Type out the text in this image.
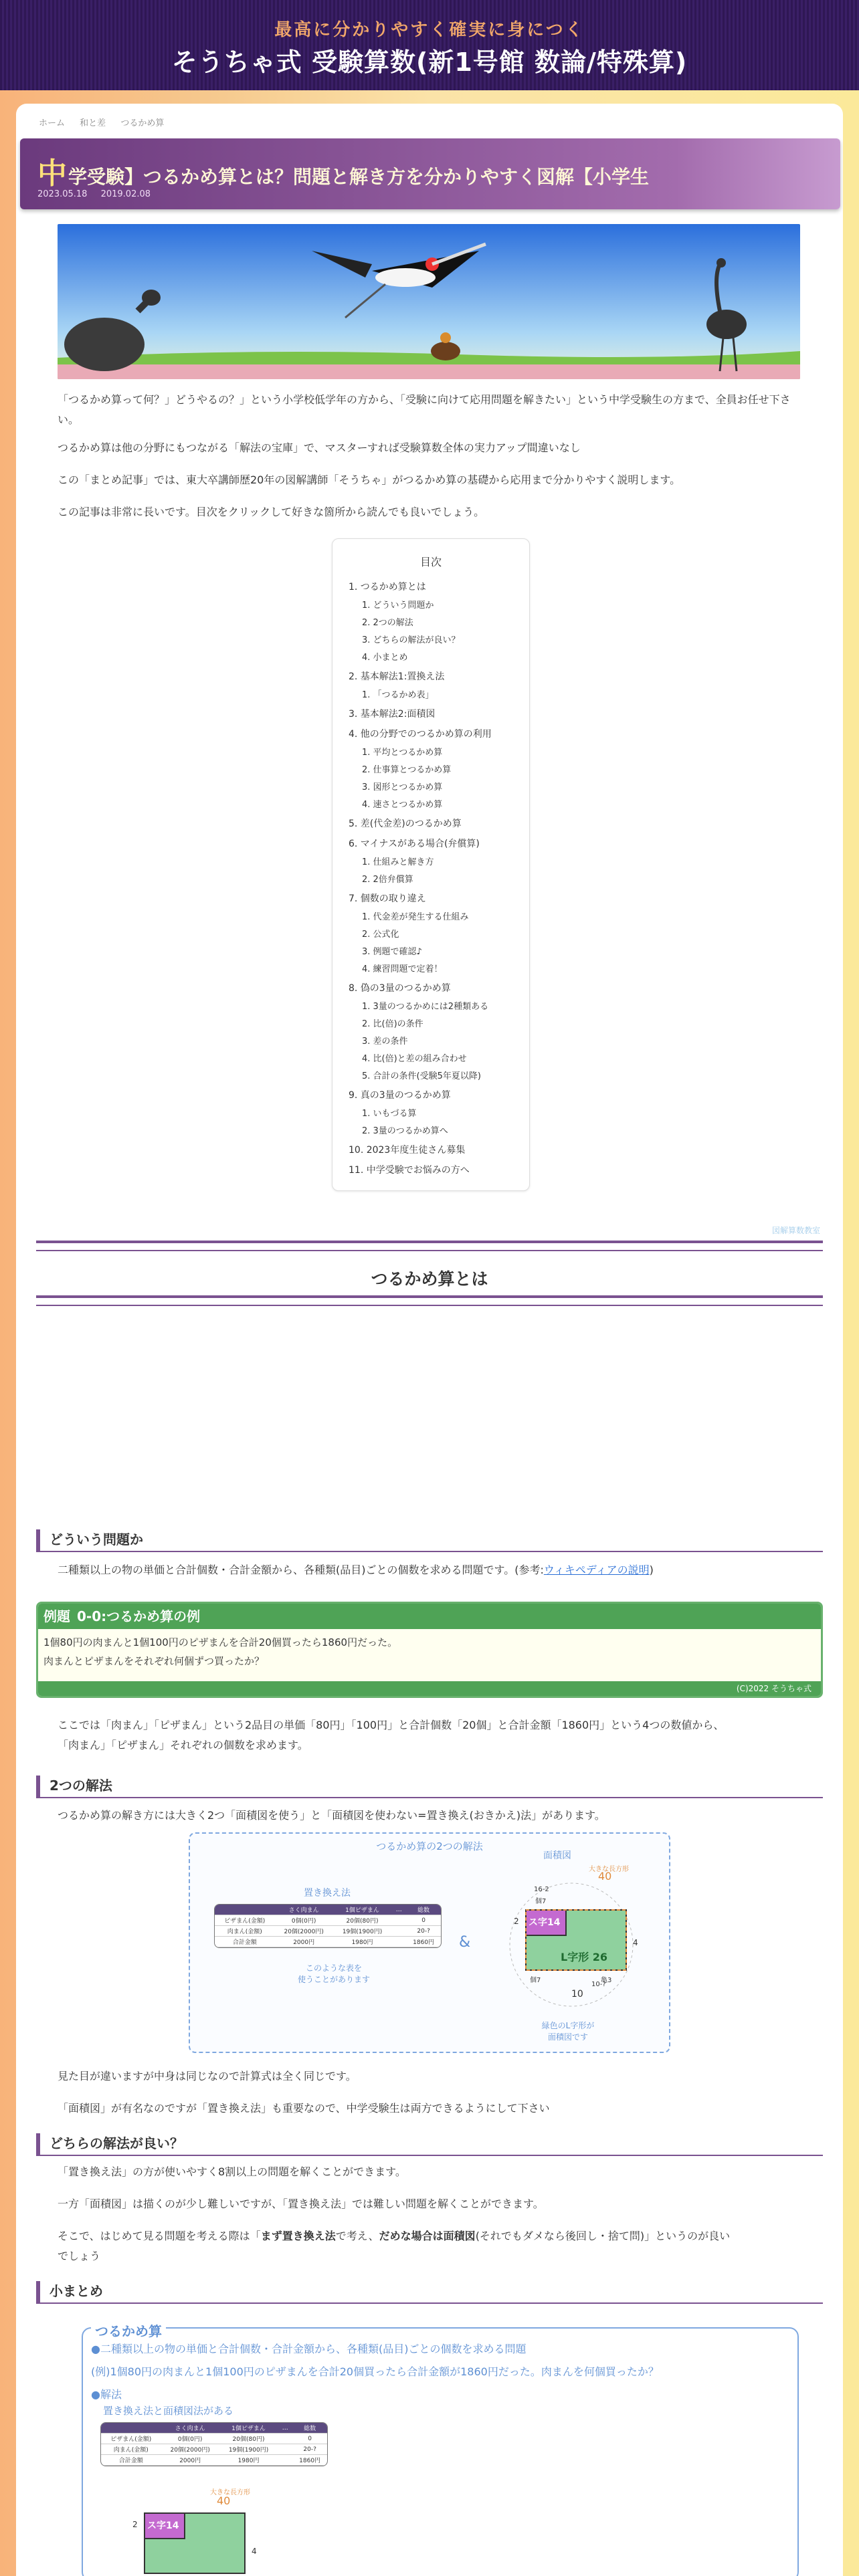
最高に分かりやすく確実に身につく
そうちゃ式 受験算数(新1号館 数論/特殊算)
ホーム 和と差 つるかめ算
中学受験】つるかめ算とは？問題と解き方を分かりやすく図解【小学生
2023.05.18 2019.02.08
「つるかめ算って何？」どうやるの？」という小学校低学年の方から、「受験に向けて応用問題を解きたい」という中学受験生の方まで、全員お任せ下さい。
つるかめ算は他の分野にもつながる「解法の宝庫」で、マスターすれば受験算数全体の実力アップ間違いなし
この「まとめ記事」では、東大卒講師歴20年の図解講師「そうちゃ」がつるかめ算の基礎から応用まで分かりやすく説明します。
この記事は非常に長いです。目次をクリックして好きな箇所から読んでも良いでしょう。
目次
1. つるかめ算とは
1. どういう問題か
2. 2つの解法
3. どちらの解法が良い？
4. 小まとめ
2. 基本解法1:置換え法
1. 「つるかめ表」
3. 基本解法2:面積図
4. 他の分野でのつるかめ算の利用
1. 平均とつるかめ算
2. 仕事算とつるかめ算
3. 図形とつるかめ算
4. 速さとつるかめ算
5. 差(代金差)のつるかめ算
6. マイナスがある場合(弁償算)
1. 仕組みと解き方
2. 2倍弁償算
7. 個数の取り違え
1. 代金差が発生する仕組み
2. 公式化
3. 例題で確認♪
4. 練習問題で定着！
8. 偽の3量のつるかめ算
1. 3量のつるかめには2種類ある
2. 比(倍)の条件
3. 差の条件
4. 比(倍)と差の組み合わせ
5. 合計の条件(受験5年夏以降)
9. 真の3量のつるかめ算
1. いもづる算
2. 3量のつるかめ算へ
10. 2023年度生徒さん募集
11. 中学受験でお悩みの方へ
図解算数教室
つるかめ算とは
どういう問題か
二種類以上の物の単価と合計個数・合計金額から、各種類(品目)ごとの個数を求める問題です。(参考:ウィキペディアの説明)
例題 0-0:つるかめ算の例
1個80円の肉まんと1個100円のピザまんを合計20個買ったら1860円だった。
肉まんとピザまんをそれぞれ何個ずつ買ったか？
(C)2022 そうちゃ式
ここでは「肉まん」「ピザまん」という2品目の単価「80円」「100円」と合計個数「20個」と合計金額「1860円」という4つの数値から、
「肉まん」「ピザまん」それぞれの個数を求めます。
2つの解法
つるかめ算の解き方には大きく2つ「面積図を使う」と「面積図を使わない=置き換え(おきかえ)法」があります。
つるかめ算の2つの解法
置き換え法
	さく肉まん	1個ピザまん	…	総数
ピザまん(金額)	0個(0円)	20個(80円)		0
肉まん(金額)	20個(2000円)	19個(1900円)		20-?
合計金額	2000円	1980円		1860円
このような表を
使うことがあります
&
面積図
大きな長方形
40
16-2
個7
ス字14
L字形 26
2
4
個7	亀3
10
10-?
緑色のL字形が
面積図です
見た目が違いますが中身は同じなので計算式は全く同じです。
「面積図」が有名なのですが「置き換え法」も重要なので、中学受験生は両方できるようにして下さい
どちらの解法が良い？
「置き換え法」の方が使いやすく8割以上の問題を解くことができます。
一方「面積図」は描くのが少し難しいですが、「置き換え法」では難しい問題を解くことができます。
そこで、はじめて見る問題を考える際は「まず置き換え法で考え、だめな場合は面積図(それでもダメなら後回し・捨て問)」というのが良い
でしょう
小まとめ
つるかめ算
●二種類以上の物の単価と合計個数・合計金額から、各種類(品目)ごとの個数を求める問題
(例)1個80円の肉まんと1個100円のピザまんを合計20個買ったら合計金額が1860円だった。肉まんを何個買ったか？
●解法
置き換え法と面積図法がある
	さく肉まん	1個ピザまん	…	総数
ピザまん(金額)	0個(0円)	20個(80円)		0
肉まん(金額)	20個(2000円)	19個(1900円)		20-?
合計金額	2000円	1980円		1860円
大きな長方形
40
ス字14
2
4
